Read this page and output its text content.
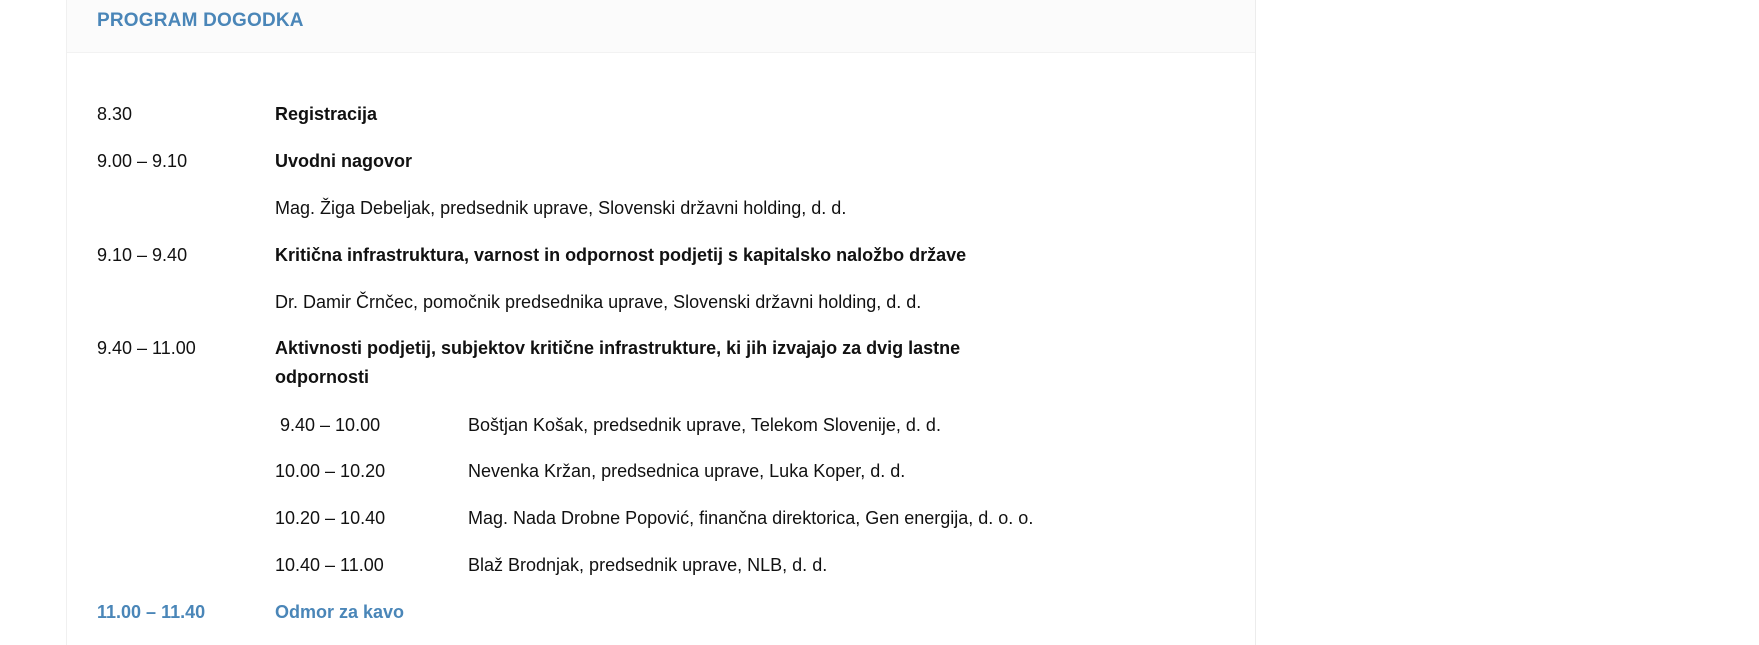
PROGRAM DOGODKA
8.30	Registracija
9.00 – 9.10	Uvodni nagovor
Mag. Žiga Debeljak, predsednik uprave, Slovenski državni holding, d. d.
9.10 – 9.40	Kritična infrastruktura, varnost in odpornost podjetij s kapitalsko naložbo države
Dr. Damir Črnčec, pomočnik predsednika uprave, Slovenski državni holding, d. d.
9.40 – 11.00	Aktivnosti podjetij, subjektov kritične infrastrukture, ki jih izvajajo za dvig lastne
odpornosti
9.40 – 10.00	Boštjan Košak, predsednik uprave, Telekom Slovenije, d. d.
10.00 – 10.20	Nevenka Kržan, predsednica uprave, Luka Koper, d. d.
10.20 – 10.40	Mag. Nada Drobne Popović, finančna direktorica, Gen energija, d. o. o.
10.40 – 11.00	Blaž Brodnjak, predsednik uprave, NLB, d. d.
11.00 – 11.40	Odmor za kavo
